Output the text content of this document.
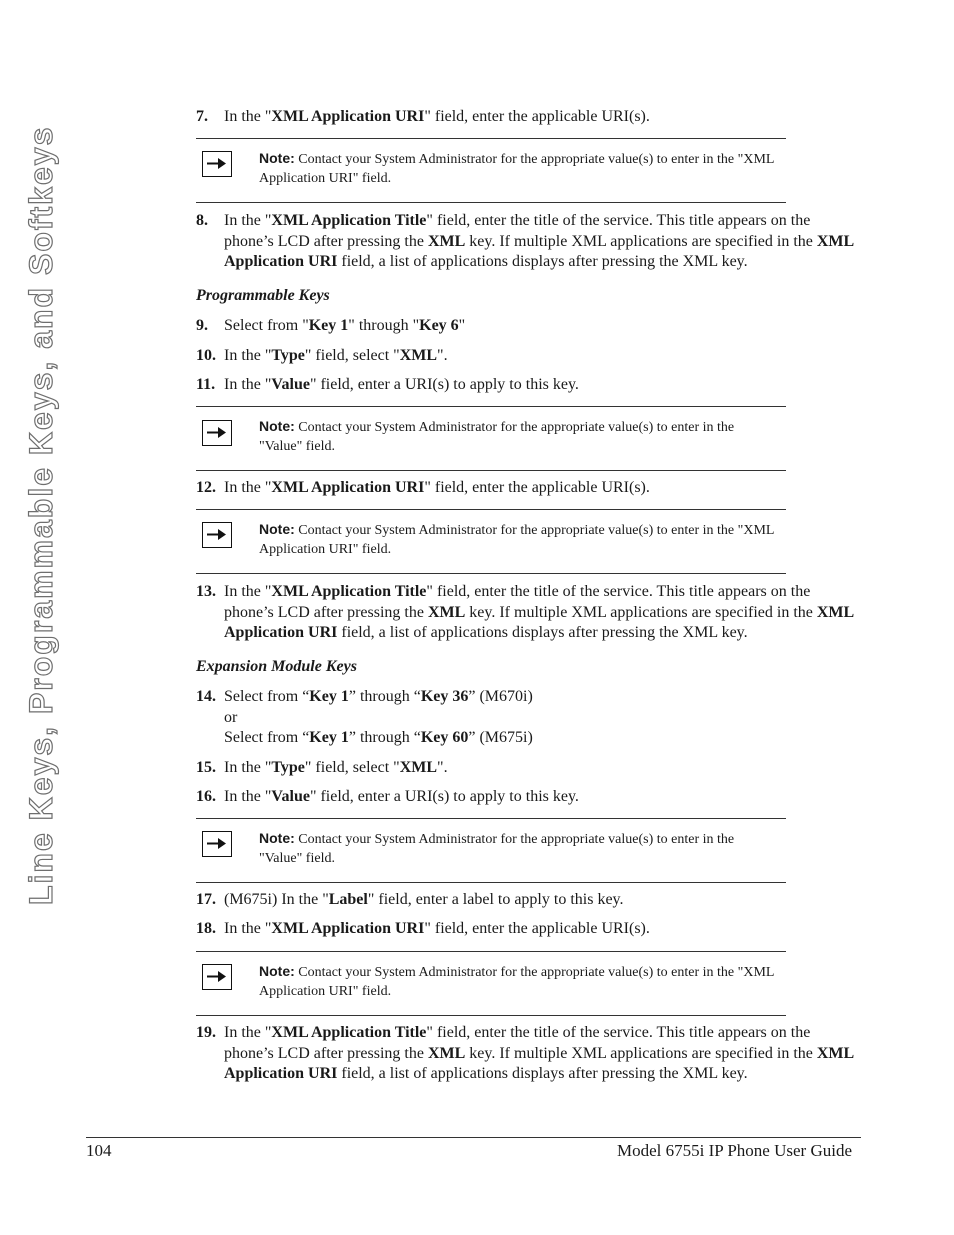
Line Keys, Programmable Keys, and Softkeys
7. In the "XML Application URI" field, enter the applicable URI(s).
Note: Contact your System Administrator for the appropriate value(s) to enter in the "XML Application URI" field.
8. In the "XML Application Title" field, enter the title of the service. This title appears on the phone’s LCD after pressing the XML key. If multiple XML applications are specified in the XML Application URI field, a list of applications displays after pressing the XML key.
Programmable Keys
9. Select from "Key 1" through "Key 6"
10. In the "Type" field, select "XML".
11. In the "Value" field, enter a URI(s) to apply to this key.
Note: Contact your System Administrator for the appropriate value(s) to enter in the "Value" field.
12. In the "XML Application URI" field, enter the applicable URI(s).
Note: Contact your System Administrator for the appropriate value(s) to enter in the "XML Application URI" field.
13. In the "XML Application Title" field, enter the title of the service. This title appears on the phone’s LCD after pressing the XML key. If multiple XML applications are specified in the XML Application URI field, a list of applications displays after pressing the XML key.
Expansion Module Keys
14. Select from “Key 1” through “Key 36” (M670i)
or
Select from “Key 1” through “Key 60” (M675i)
15. In the "Type" field, select "XML".
16. In the "Value" field, enter a URI(s) to apply to this key.
Note: Contact your System Administrator for the appropriate value(s) to enter in the "Value" field.
17. (M675i) In the "Label" field, enter a label to apply to this key.
18. In the "XML Application URI" field, enter the applicable URI(s).
Note: Contact your System Administrator for the appropriate value(s) to enter in the "XML Application URI" field.
19. In the "XML Application Title" field, enter the title of the service. This title appears on the phone’s LCD after pressing the XML key. If multiple XML applications are specified in the XML Application URI field, a list of applications displays after pressing the XML key.
104	Model 6755i IP Phone User Guide
